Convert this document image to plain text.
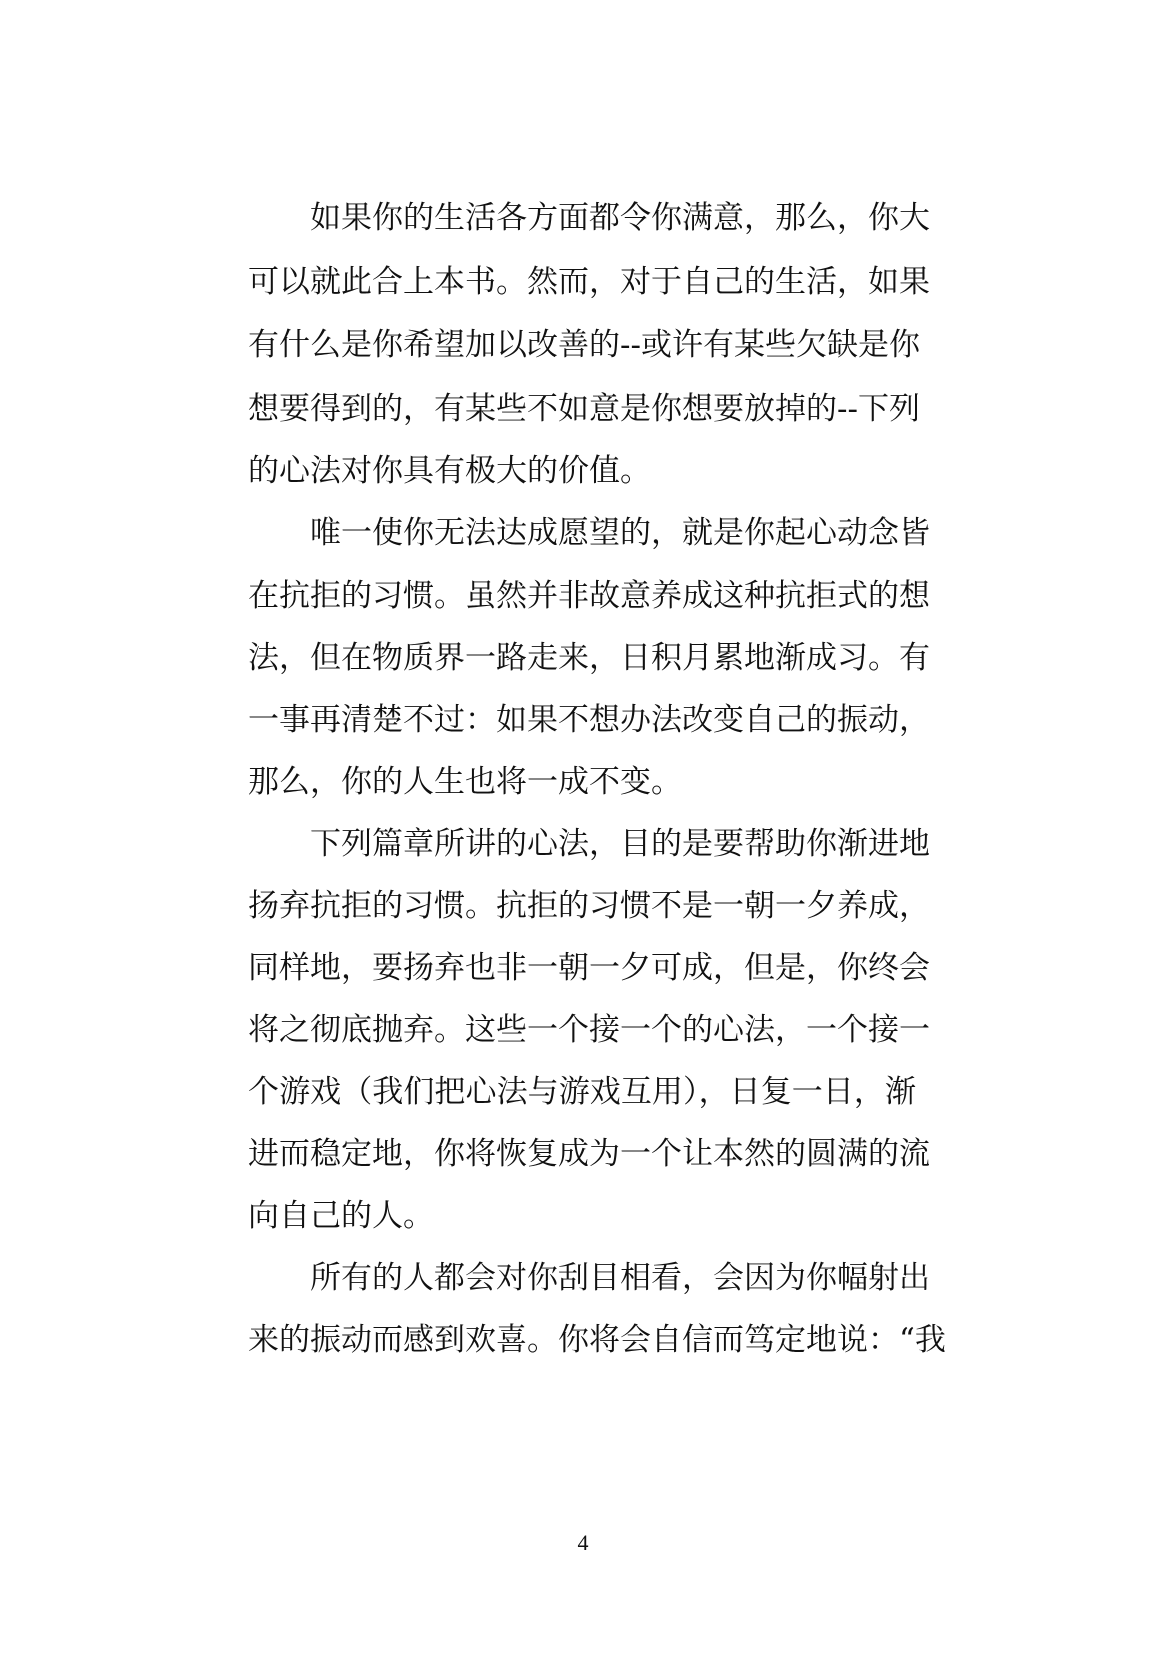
如果你的生活各方面都令你满意，那么，你大
可以就此合上本书。然而，对于自己的生活，如果
有什么是你希望加以改善的--或许有某些欠缺是你
想要得到的，有某些不如意是你想要放掉的--下列
的心法对你具有极大的价值。
唯一使你无法达成愿望的，就是你起心动念皆
在抗拒的习惯。虽然并非故意养成这种抗拒式的想
法，但在物质界一路走来，日积月累地渐成习。有
一事再清楚不过：如果不想办法改变自己的振动，
那么，你的人生也将一成不变。
下列篇章所讲的心法，目的是要帮助你渐进地
扬弃抗拒的习惯。抗拒的习惯不是一朝一夕养成，
同样地，要扬弃也非一朝一夕可成，但是，你终会
将之彻底抛弃。这些一个接一个的心法，一个接一
个游戏（我们把心法与游戏互用），日复一日，渐
进而稳定地，你将恢复成为一个让本然的圆满的流
向自己的人。
所有的人都会对你刮目相看，会因为你幅射出
来的振动而感到欢喜。你将会自信而笃定地说：“我
4
